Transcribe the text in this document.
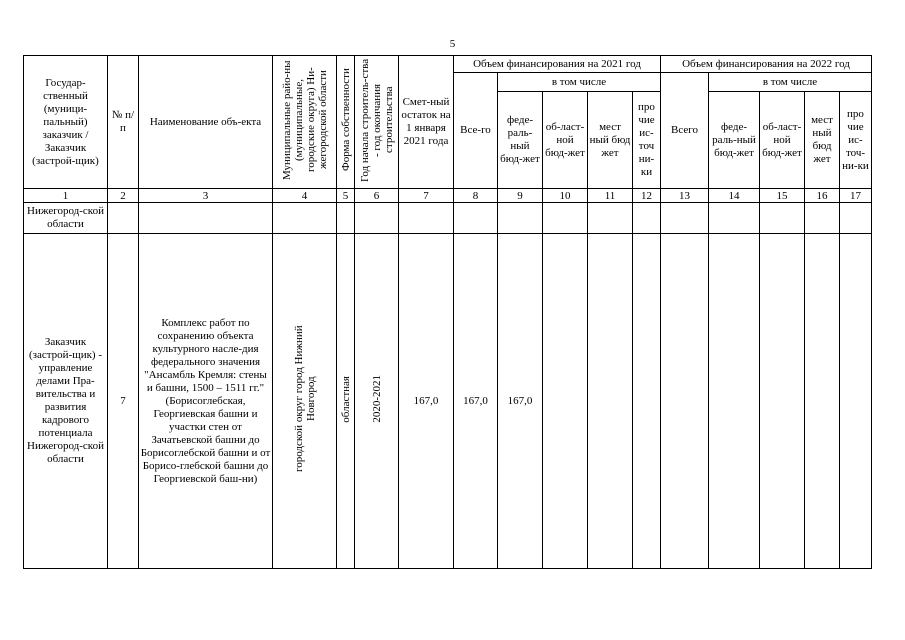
5
Государ-ственный (муници-пальный) заказчик / Заказчик (застрой-щик)	№ п/п	Наименование объ-екта	Муниципальные райо-ны (муниципальные, городские округа) Ни-жегородской области	Форма собственности	Год начала строитель-ства - год окончания строительства	Смет-ный остаток на 1 января 2021 года	Объем финансирования на 2021 год					Объем финансирования на 2022 год				
							Все-го	в том числе				Всего	в том числе			
								феде-раль-ный бюд-жет	об-ласт-ной бюд-жет	мест ный бюд жет	про чие ис-точ ни-ки		феде-раль-ный бюд-жет	об-ласт-ной бюд-жет	мест ный бюд жет	про чие ис-точ-ни-ки
1	2	3	4	5	6	7	8	9	10	11	12	13	14	15	16	17
Нижегород-ской области																
Заказчик (застрой-щик) - управление делами Пра-вительства и развития кадрового потенциала Нижегород-ской области	7	Комплекс работ по сохранению объекта культурного насле-дия федерального значения "Ансамбль Кремля: стены и башни, 1500 – 1511 гг." (Борисоглебская, Георгиевская башни и участки стен от Зачатьевской башни до Борисоглебской башни и от Борисо-глебской башни до Георгиевской баш-ни)	городской округ город Нижний Новгород	областная	2020-2021	167,0	167,0	167,0								
